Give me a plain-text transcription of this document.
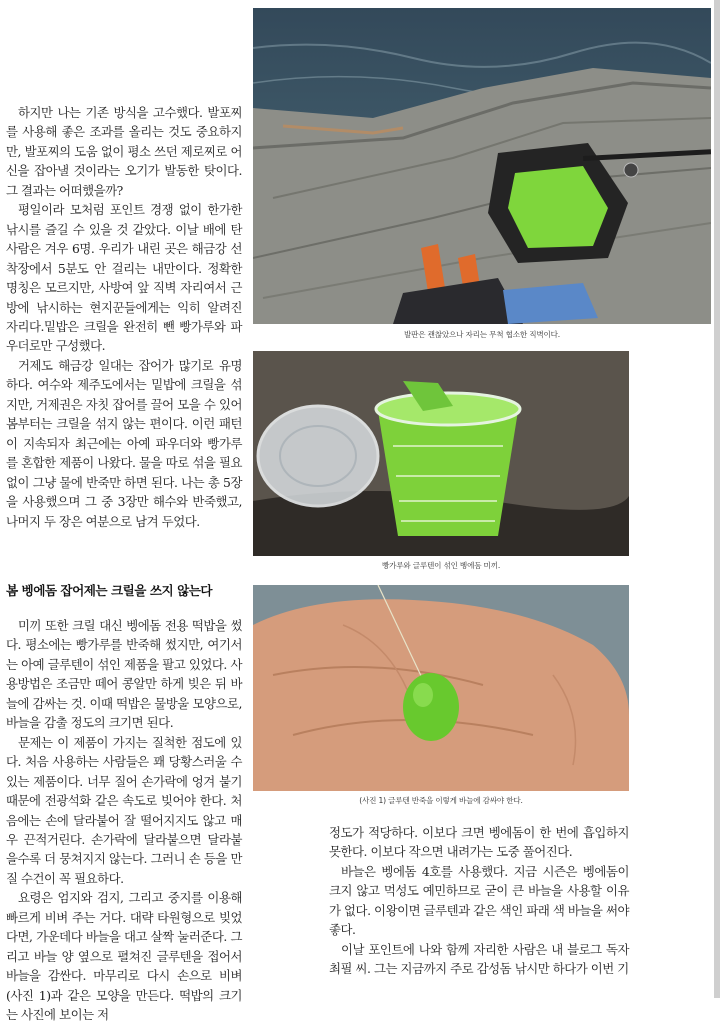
하지만 나는 기존 방식을 고수했다. 발포찌를 사용해 좋은 조과를 올리는 것도 중요하지만, 발포찌의 도움 없이 평소 쓰던 제로찌로 어신을 잡아낼 것이라는 오기가 발동한 탓이다. 그 결과는 어떠했을까?

평일이라 모처럼 포인트 경쟁 없이 한가한 낚시를 즐길 수 있을 것 같았다. 이날 배에 탄 사람은 겨우 6명. 우리가 내린 곳은 해금강 선착장에서 5분도 안 걸리는 내만이다. 정확한 명칭은 모르지만, 사방여 앞 직벽 자리여서 근방에 낚시하는 현지꾼들에게는 익히 알려진 자리다.밑밥은 크릴을 완전히 뺀 빵가루와 파우더로만 구성했다.

거제도 해금강 일대는 잡어가 많기로 유명하다. 여수와 제주도에서는 밑밥에 크릴을 섞지만, 거제권은 자칫 잡어를 끌어 모을 수 있어 봄부터는 크릴을 섞지 않는 편이다. 이런 패턴이 지속되자 최근에는 아예 파우더와 빵가루를 혼합한 제품이 나왔다. 물을 따로 섞을 필요없이 그냥 물에 반죽만 하면 된다. 나는 총 5장을 사용했으며 그 중 3장만 해수와 반죽했고, 나머지 두 장은 여분으로 남겨 두었다.

봄 벵에돔 잡어제는 크릴을 쓰지 않는다

미끼 또한 크릴 대신 벵에돔 전용 떡밥을 썼다. 평소에는 빵가루를 반죽해 썼지만, 여기서는 아예 글루텐이 섞인 제품을 팔고 있었다. 사용방법은 조금만 떼어 콩알만 하게 빚은 뒤 바늘에 감싸는 것. 이때 떡밥은 물방울 모양으로, 바늘을 감출 정도의 크기면 된다.

문제는 이 제품이 가지는 질척한 점도에 있다. 처음 사용하는 사람들은 꽤 당황스러울 수 있는 제품이다. 너무 질어 손가락에 엉겨 붙기 때문에 전광석화 같은 속도로 빚어야 한다. 처음에는 손에 달라붙어 잘 떨어지지도 않고 매우 끈적거린다. 손가락에 달라붙으면 달라붙을수록 더 뭉쳐지지 않는다. 그러니 손 등을 만질 수건이 꼭 필요하다.

요령은 엄지와 검지, 그리고 중지를 이용해 빠르게 비벼 주는 거다. 대략 타원형으로 빚었다면, 가운데다 바늘을 대고 살짝 눌러준다. 그리고 바늘 양 옆으로 펼쳐진 글루텐을 접어서 바늘을 감싼다. 마무리로 다시 손으로 비벼 (사진 1)과 같은 모양을 만든다. 떡밥의 크기는 사진에 보이는 저

정도가 적당하다. 이보다 크면 벵에돔이 한 번에 흡입하지 못한다. 이보다 작으면 내려가는 도중 풀어진다.

바늘은 벵에돔 4호를 사용했다. 지금 시즌은 벵에돔이 크지 않고 먹성도 예민하므로 굳이 큰 바늘을 사용할 이유가 없다. 이왕이면 글루텐과 같은 색인 파래 색 바늘을 써야 좋다.

이날 포인트에 나와 함께 자리한 사람은 내 블로그 독자 최필 씨. 그는 지금까지 주로 감성돔 낚시만 하다가 이번 기

발판은 괜찮았으나 자리는 무척 협소한 직벽이다.
빵가루와 글루텐이 섞인 벵에돔 미끼.
(사진 1) 글루텐 반죽을 이렇게 바늘에 감싸야 한다.
